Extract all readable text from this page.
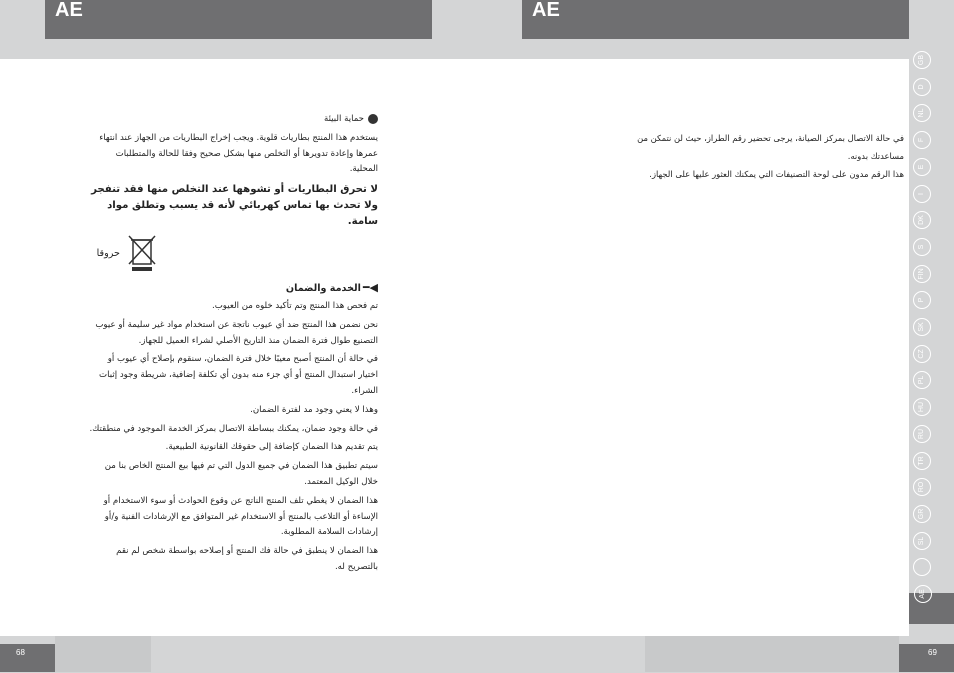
AE	AE

حماية البيئة

يستخدم هذا المنتج بطاريات قلوية. ويجب إخراج البطاريات من الجهاز عند انتهاء عمرها وإعادة تدويرها أو التخلص منها بشكل صحيح وفقا للحالة والمتطلبات المحلية.

لا تحرق البطاريات أو تشوهها عند التخلص منها فقد تنفجر ولا تحدث بها تماس كهربائي لأنه قد يسبب وتطلق مواد سامة.

حروقا

◀━الخدمة والضمان

تم فحص هذا المنتج وتم تأكيد خلوه من العيوب.

نحن نضمن هذا المنتج ضد أي عيوب ناتجة عن استخدام مواد غير سليمة أو عيوب التصنيع طوال فترة الضمان منذ التاريخ الأصلي لشراء العميل للجهاز.

في حالة أن المنتج أصبح معيبًا خلال فترة الضمان، سنقوم بإصلاح أي عيوب أو اختيار استبدال المنتج أو أي جزء منه بدون أي تكلفة إضافية، شريطة وجود إثبات الشراء.

وهذا لا يعني وجود مد لفترة الضمان.

في حالة وجود ضمان، يمكنك ببساطة الاتصال بمركز الخدمة الموجود في منطقتك.

يتم تقديم هذا الضمان كإضافة إلى حقوقك القانونية الطبيعية.

سيتم تطبيق هذا الضمان في جميع الدول التي تم فيها بيع المنتج الخاص بنا من خلال الوكيل المعتمد.

هذا الضمان لا يغطي تلف المنتج الناتج عن وقوع الحوادث أو سوء الاستخدام أو الإساءة أو التلاعب بالمنتج أو الاستخدام غير المتوافق مع الإرشادات الفنية و/أو إرشادات السلامة المطلوبة.

هذا الضمان لا ينطبق في حالة فك المنتج أو إصلاحه بواسطة شخص لم نقم بالتصريح له.

في حالة الاتصال بمركز الصيانة، يرجى تحضير رقم الطراز، حيث لن نتمكن من مساعدتك بدونه.

هذا الرقم مدون على لوحة التصنيفات التي يمكنك العثور عليها على الجهاز.

GB
D
NL
F
E
I
DK
S
FIN
P
SK
CZ
PL
HU
RU
TR
RO
GR
SL
AE
68	69
